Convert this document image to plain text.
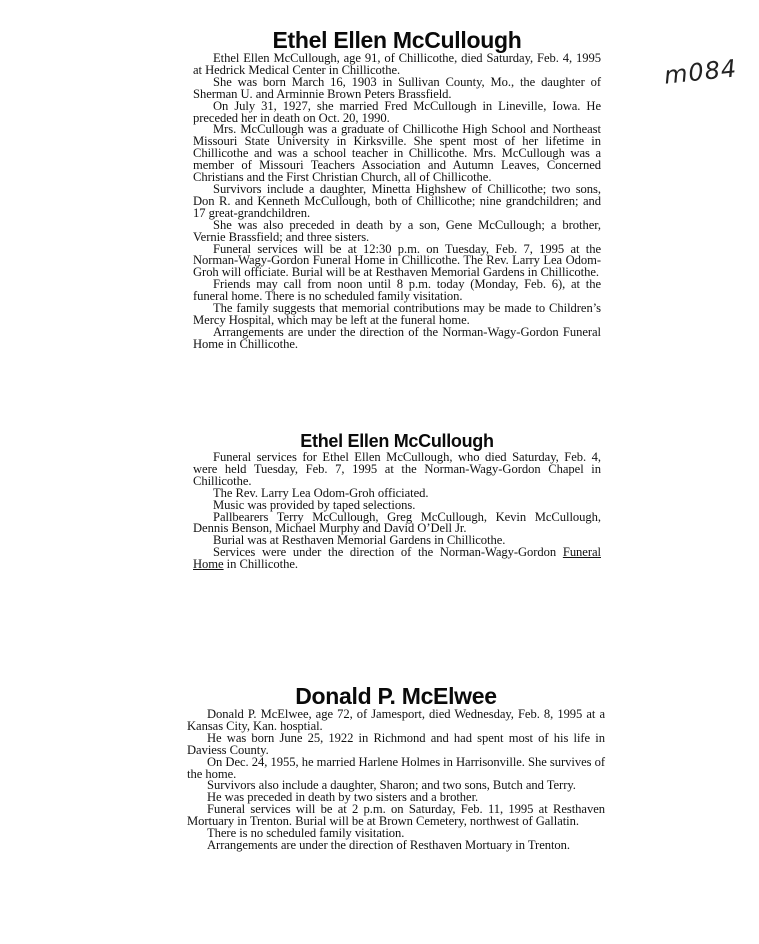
m084
Ethel Ellen McCullough

Ethel Ellen McCullough, age 91, of Chillicothe, died Saturday, Feb. 4, 1995 at Hedrick Medical Center in Chillicothe.

She was born March 16, 1903 in Sullivan County, Mo., the daughter of Sherman U. and Arminnie Brown Peters Brassfield.

On July 31, 1927, she married Fred McCullough in Lineville, Iowa. He preceded her in death on Oct. 20, 1990.

Mrs. McCullough was a graduate of Chillicothe High School and Northeast Missouri State University in Kirksville. She spent most of her lifetime in Chillicothe and was a school teacher in Chillicothe. Mrs. McCullough was a member of Missouri Teachers Association and Autumn Leaves, Concerned Christians and the First Christian Church, all of Chillicothe.

Survivors include a daughter, Minetta Highshew of Chillicothe; two sons, Don R. and Kenneth McCullough, both of Chillicothe; nine grandchildren; and 17 great-grandchildren.

She was also preceded in death by a son, Gene McCullough; a brother, Vernie Brassfield; and three sisters.

Funeral services will be at 12:30 p.m. on Tuesday, Feb. 7, 1995 at the Norman-Wagy-Gordon Funeral Home in Chillicothe. The Rev. Larry Lea Odom-Groh will officiate. Burial will be at Resthaven Memorial Gardens in Chillicothe.

Friends may call from noon until 8 p.m. today (Monday, Feb. 6), at the funeral home. There is no scheduled family visitation.

The family suggests that memorial contributions may be made to Children’s Mercy Hospital, which may be left at the funeral home.

Arrangements are under the direction of the Norman-Wagy-Gordon Funeral Home in Chillicothe.

Ethel Ellen McCullough

Funeral services for Ethel Ellen McCullough, who died Saturday, Feb. 4, were held Tuesday, Feb. 7, 1995 at the Norman-Wagy-Gordon Chapel in Chillicothe.

The Rev. Larry Lea Odom-Groh officiated.

Music was provided by taped selections.

Pallbearers Terry McCullough, Greg McCullough, Kevin McCullough, Dennis Benson, Michael Murphy and David O’Dell Jr.

Burial was at Resthaven Memorial Gardens in Chillicothe.

Services were under the direction of the Norman-Wagy-Gordon Funeral Home in Chillicothe.

Donald P. McElwee

Donald P. McElwee, age 72, of Jamesport, died Wednesday, Feb. 8, 1995 at a Kansas City, Kan. hosptial.

He was born June 25, 1922 in Richmond and had spent most of his life in Daviess County.

On Dec. 24, 1955, he married Harlene Holmes in Harrisonville. She survives of the home.

Survivors also include a daughter, Sharon; and two sons, Butch and Terry.

He was preceded in death by two sisters and a brother.

Funeral services will be at 2 p.m. on Saturday, Feb. 11, 1995 at Resthaven Mortuary in Trenton. Burial will be at Brown Cemetery, northwest of Gallatin.

There is no scheduled family visitation.

Arrangements are under the direction of Resthaven Mortuary in Trenton.
